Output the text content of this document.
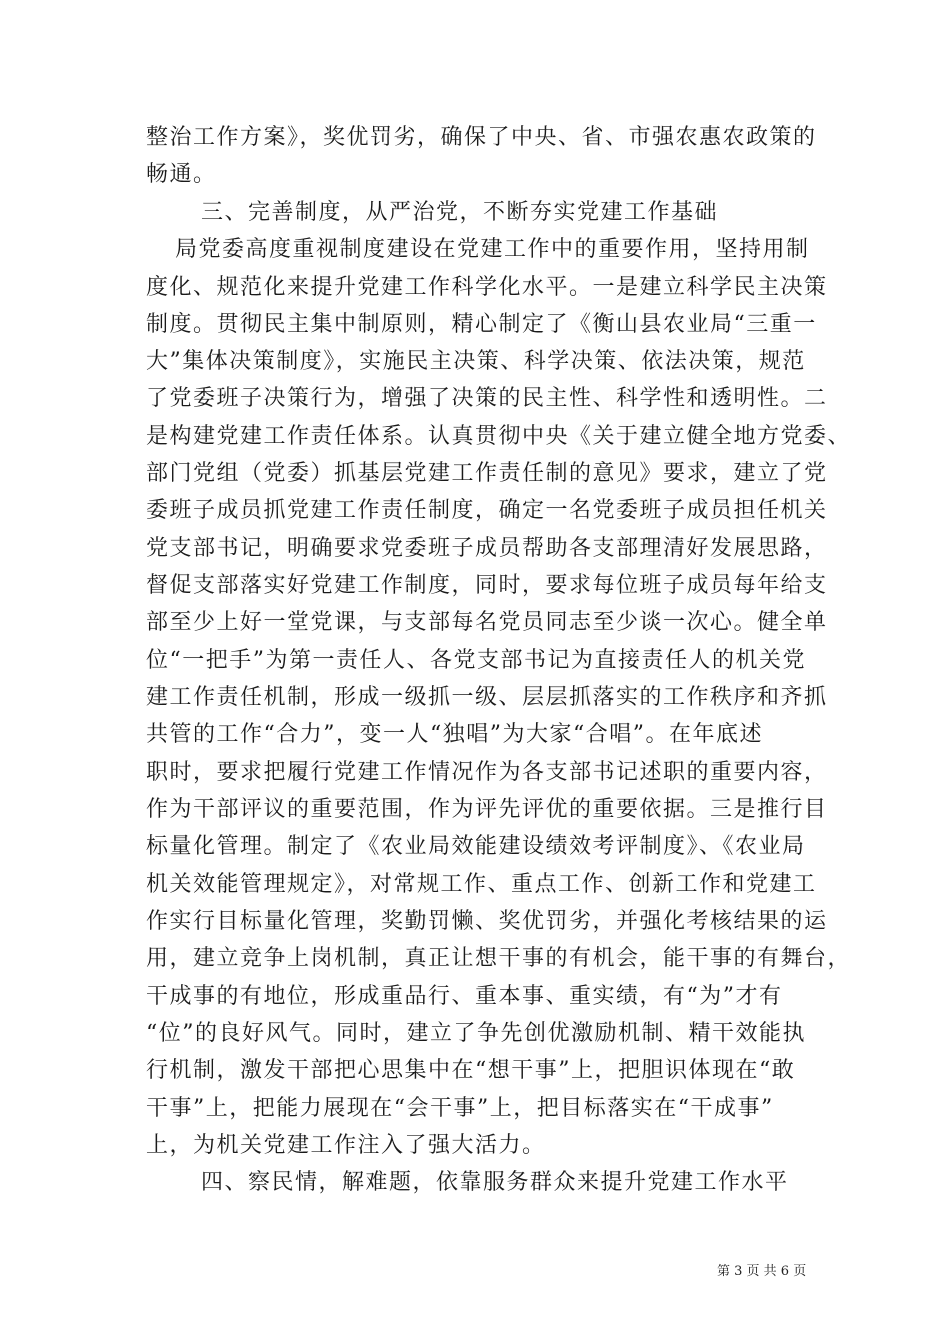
整治工作方案》，奖优罚劣，确保了中央、省、市强农惠农政策的
畅通。
三、完善制度，从严治党，不断夯实党建工作基础
局党委高度重视制度建设在党建工作中的重要作用，坚持用制
度化、规范化来提升党建工作科学化水平。一是建立科学民主决策
制度。贯彻民主集中制原则，精心制定了《衡山县农业局“三重一
大”集体决策制度》，实施民主决策、科学决策、依法决策，规范
了党委班子决策行为，增强了决策的民主性、科学性和透明性。二
是构建党建工作责任体系。认真贯彻中央《关于建立健全地方党委、
部门党组（党委）抓基层党建工作责任制的意见》要求，建立了党
委班子成员抓党建工作责任制度，确定一名党委班子成员担任机关
党支部书记，明确要求党委班子成员帮助各支部理清好发展思路，
督促支部落实好党建工作制度，同时，要求每位班子成员每年给支
部至少上好一堂党课，与支部每名党员同志至少谈一次心。健全单
位“一把手”为第一责任人、各党支部书记为直接责任人的机关党
建工作责任机制，形成一级抓一级、层层抓落实的工作秩序和齐抓
共管的工作“合力”，变一人“独唱”为大家“合唱”。在年底述
职时，要求把履行党建工作情况作为各支部书记述职的重要内容，
作为干部评议的重要范围，作为评先评优的重要依据。三是推行目
标量化管理。制定了《农业局效能建设绩效考评制度》、《农业局
机关效能管理规定》，对常规工作、重点工作、创新工作和党建工
作实行目标量化管理，奖勤罚懒、奖优罚劣，并强化考核结果的运
用，建立竞争上岗机制，真正让想干事的有机会，能干事的有舞台，
干成事的有地位，形成重品行、重本事、重实绩，有“为”才有
“位”的良好风气。同时，建立了争先创优激励机制、精干效能执
行机制，激发干部把心思集中在“想干事”上，把胆识体现在“敢
干事”上，把能力展现在“会干事”上，把目标落实在“干成事”
上，为机关党建工作注入了强大活力。
四、察民情，解难题，依靠服务群众来提升党建工作水平
第 3 页 共 6 页
